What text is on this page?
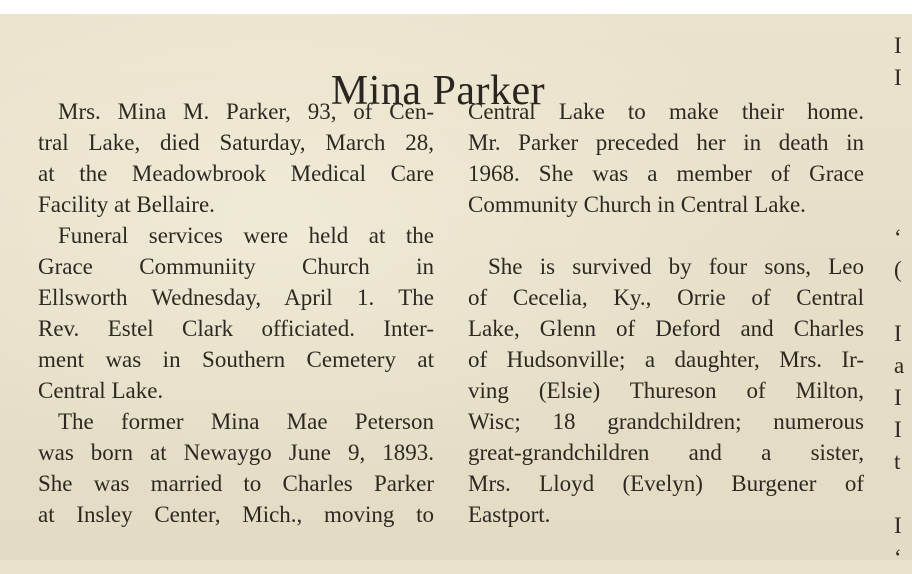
Mina Parker
Mrs. Mina M. Parker, 93, of Cen-
tral Lake, died Saturday, March 28,
at the Meadowbrook Medical Care
Facility at Bellaire.
Funeral services were held at the
Grace Communiity Church in
Ellsworth Wednesday, April 1. The
Rev. Estel Clark officiated. Inter-
ment was in Southern Cemetery at
Central Lake.
The former Mina Mae Peterson
was born at Newaygo June 9, 1893.
She was married to Charles Parker
at Insley Center, Mich., moving to
Central Lake to make their home.
Mr. Parker preceded her in death in
1968. She was a member of Grace
Community Church in Central Lake.
She is survived by four sons, Leo
of Cecelia, Ky., Orrie of Central
Lake, Glenn of Deford and Charles
of Hudsonville; a daughter, Mrs. Ir-
ving (Elsie) Thureson of Milton,
Wisc; 18 grandchildren; numerous
great-grandchildren and a sister,
Mrs. Lloyd (Evelyn) Burgener of
Eastport.
I
I
‘
(
I
a
I
I
t
I
‘
